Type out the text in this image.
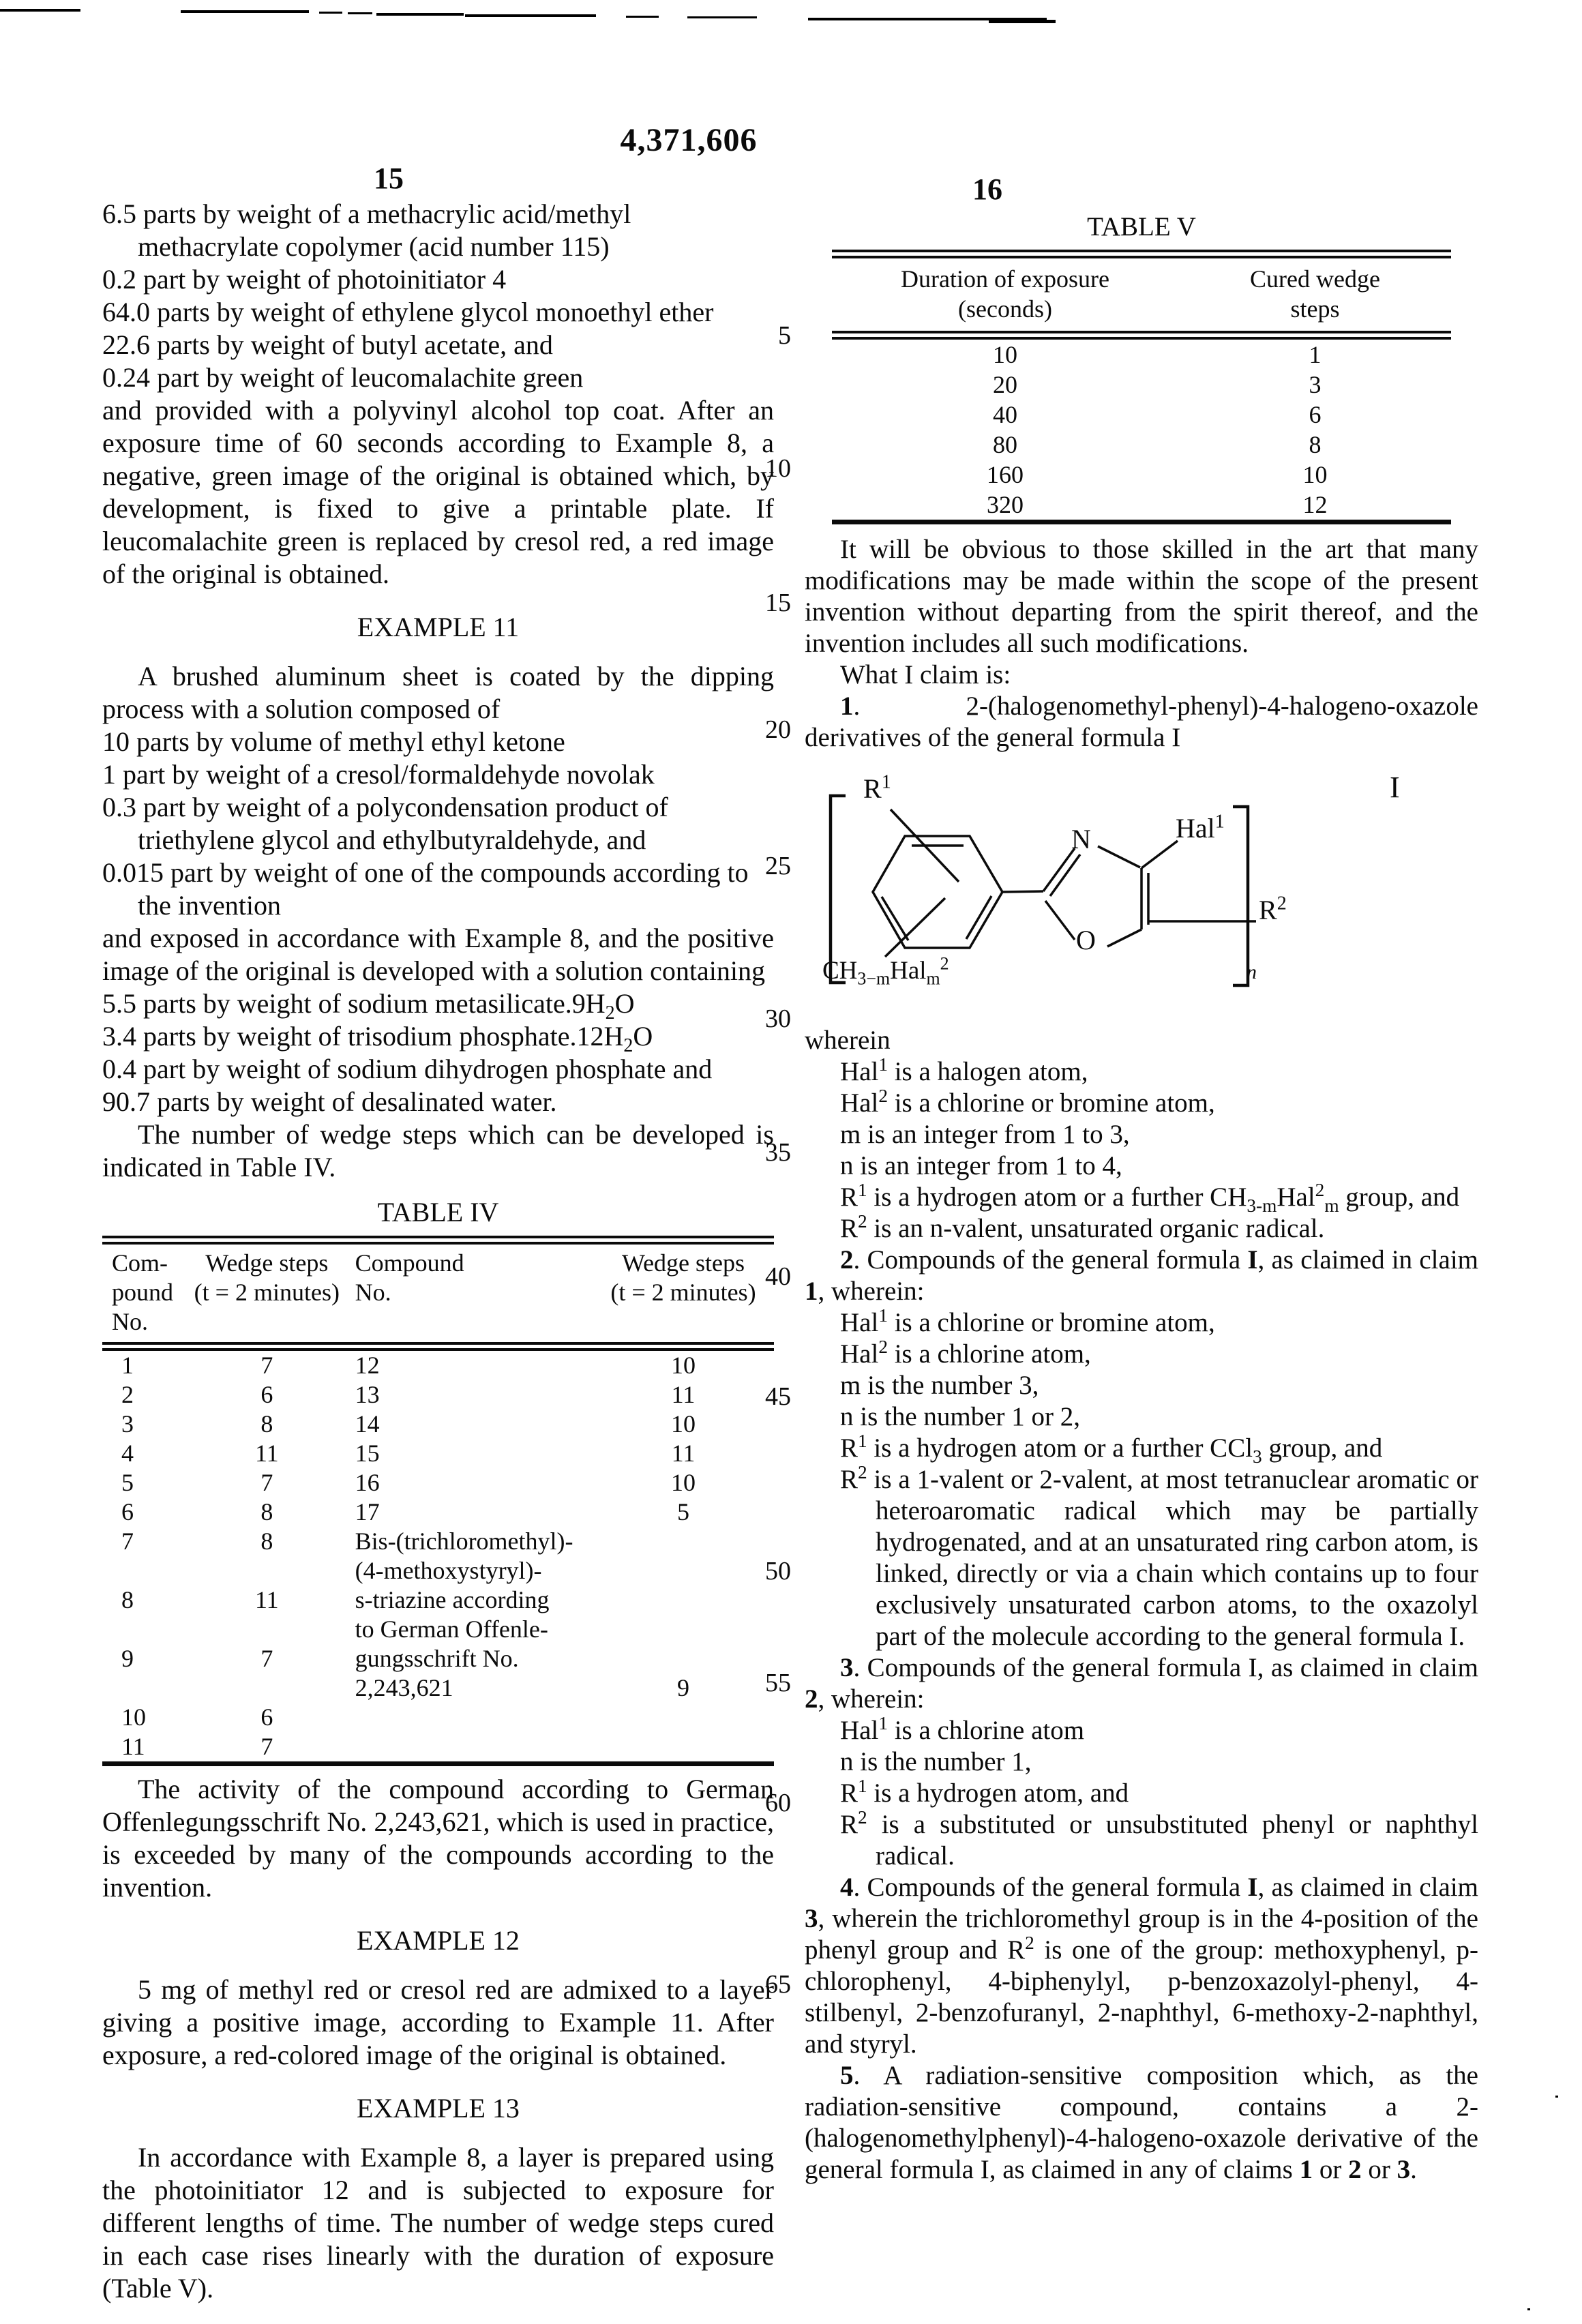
4,371,606
15	16
5
10
15
20
25
30
35
40
45
50
55
60
65

6.5 parts by weight of a methacrylic acid/methyl methacrylate copolymer (acid number 115)

0.2 part by weight of photoinitiator 4

64.0 parts by weight of ethylene glycol monoethyl ether

22.6 parts by weight of butyl acetate, and

0.24 part by weight of leucomalachite green

and provided with a polyvinyl alcohol top coat. After an exposure time of 60 seconds according to Example 8, a negative, green image of the original is obtained which, by development, is fixed to give a printable plate. If leucomalachite green is replaced by cresol red, a red image of the original is obtained.

EXAMPLE 11

A brushed aluminum sheet is coated by the dipping process with a solution composed of

10 parts by volume of methyl ethyl ketone

1 part by weight of a cresol/formaldehyde novolak

0.3 part by weight of a polycondensation product of triethylene glycol and ethylbutyraldehyde, and

0.015 part by weight of one of the compounds according to the invention

and exposed in accordance with Example 8, and the positive image of the original is developed with a solution containing

5.5 parts by weight of sodium $metasilicate.9H_2O$

3.4 parts by weight of trisodium $phosphate.12H_2O$

0.4 part by weight of sodium dihydrogen phosphate and

90.7 parts by weight of desalinated water.

The number of wedge steps which can be developed is indicated in Table IV.

TABLE IV

Com-
pound
No.

Wedge steps
(t = 2 minutes)

Compound
No.

Wedge steps
(t = 2 minutes)

1	7	12	10
2	6	13	11
3	8	14	10
4	11	15	11
5	7	16	10
6	8	17	5
7	8	Bis-(trichloromethyl)-	
		(4-methoxystyryl)-	
8	11	s-triazine according	
		to German Offenle-	
9	7	gungsschrift No.	
		2,243,621	9
10	6		
11	7		

The activity of the compound according to German Offenlegungsschrift No. 2,243,621, which is used in practice, is exceeded by many of the compounds according to the invention.

EXAMPLE 12

5 mg of methyl red or cresol red are admixed to a layer giving a positive image, according to Example 11. After exposure, a red-colored image of the original is obtained.

EXAMPLE 13

In accordance with Example 8, a layer is prepared using the photoinitiator 12 and is subjected to exposure for different lengths of time. The number of wedge steps cured in each case rises linearly with the duration of exposure (Table V).

TABLE V

Duration of exposure
(seconds)

Cured wedge
steps

10	1
20	3
40	6
80	8
160	10
320	12

It will be obvious to those skilled in the art that many modifications may be made within the scope of the present invention without departing from the spirit thereof, and the invention includes all such modifications.

What I claim is:

1.   2-(halogenomethyl-phenyl)-4-halogeno-oxazole derivatives of the general formula I

$R^1$
N	Hal$^1$
O
$R^2$
$CH_{3-m}Hal_m^2$	n
I

wherein

Hal$^1$ is a halogen atom,

Hal$^2$ is a chlorine or bromine atom,

m is an integer from 1 to 3,

n is an integer from 1 to 4,

$R^1$ is a hydrogen atom or a further $CH_{3-m}Hal^2_m$ group, and

$R^2$ is an n-valent, unsaturated organic radical.

2. Compounds of the general formula I, as claimed in claim 1, wherein:

Hal$^1$ is a chlorine or bromine atom,

Hal$^2$ is a chlorine atom,

m is the number 3,

n is the number 1 or 2,

$R^1$ is a hydrogen atom or a further CCl$_3$ group, and

$R^2$ is a 1-valent or 2-valent, at most tetranuclear aromatic or heteroaromatic radical which may be partially hydrogenated, and at an unsaturated ring carbon atom, is linked, directly or via a chain which contains up to four exclusively unsaturated carbon atoms, to the oxazolyl part of the molecule according to the general formula I.

3. Compounds of the general formula I, as claimed in claim 2, wherein:

Hal$^1$ is a chlorine atom

n is the number 1,

$R^1$ is a hydrogen atom, and

$R^2$ is a substituted or unsubstituted phenyl or naphthyl radical.

4. Compounds of the general formula I, as claimed in claim 3, wherein the trichloromethyl group is in the 4-position of the phenyl group and $R^2$ is one of the group: methoxyphenyl, p-chlorophenyl, 4-biphenylyl, p-benzoxazolyl-phenyl, 4-stilbenyl, 2-benzofuranyl, 2-naphthyl, 6-methoxy-2-naphthyl, and styryl.

5. A radiation-sensitive composition which, as the radiation-sensitive compound, contains a 2-(halogenomethylphenyl)-4-halogeno-oxazole derivative of the general formula I, as claimed in any of claims 1 or 2 or 3.
